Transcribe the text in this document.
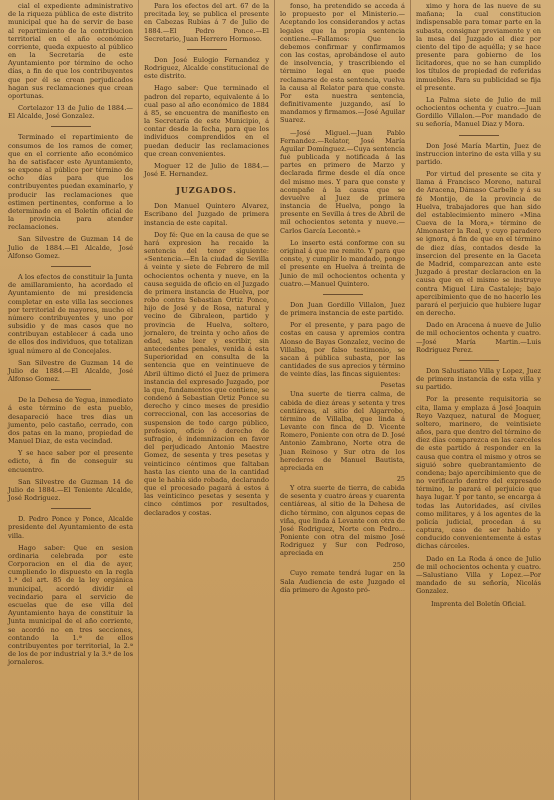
cial el expediente administrativo de la riqueza pública de este distrito municipal que ha de servir de base al repartimiento de la contribucion territorial en el año económico corriente, queda expuesto al público en la Secretaría de este Ayuntamiento por término de ocho días, a fin de que los contribuyentes que por él se crean perjudicados hagan sus reclamaciones que crean oportunas.

Cortelazor 13 de Julio de 1884.—El Alcalde, José Gonzalez.

Terminado el repartimiento de consumos de los ramos de comer, que en el corriente año económico ha de satisfacer este Ayuntamiento, se expone al público por término de ocho días para que los contribuyentes puedan examinarlo, y producir las reclamaciones que estimen pertinentes, conforme a lo determinado en el Boletín oficial de la provincia para atender reclamaciones.

San Silvestre de Guzman 14 de Julio de 1884.—El Alcalde, José Alfonso Gomez.

A los efectos de constituir la Junta de amillaramiento, ha acordado el Ayuntamiento de mi presidencia completar en este villa las secciones por territorial de mayores, mucho el número contribuyentes y uno por subsidio y de mas casos que no contribuyan establecer á cada uno de ellos dos individuos, que totalizan igual número al de Concejales.

San Silvestre de Guzman 14 de Julio de 1884.—El Alcalde, José Alfonso Gomez.

De la Dehesa de Yegua, inmediato á este término de esta pueblo, desapareció hace tres dias un jumento, pelo castaño, cerrado, con dos patas en la mano, propiedad de Manuel Diaz, de esta vecindad.

Y se hace saber por el presente edicto, á fin de conseguir su encuentro.

San Silvestre de Guzman 14 de Julio de 1884.—El Teniente Alcalde, José Rodriguez.

D. Pedro Ponce y Ponce, Alcalde presidente del Ayuntamiento de esta villa.

Hago saber: Que en sesion ordinaria celebrada por este Corporacion en el dia de ayer, cumpliendo lo dispuesto en la regla 1.ª del art. 85 de la ley orgánica municipal, acordó dividir el vecindario para el servicio de escuelas que de ese villa del Ayuntamiento haya de constituir la Junta municipal de el año corriente, se acordó no en tres secciones, contando la 1.ª de ellos contribuyentes por territorial, la 2.ª de los de por industrial y la 3.ª de los jornaleros.

Para los efectos del art. 67 de la precitada ley, se publica el presente en Cabezas Rubias á 7 de Julio de 1884.—El Pedro Ponce.—El Secretario, Juan Herrero Hormoso.

Don José Eulogio Fernandez y Rodriguez, Alcalde constitucional de este distrito.

Hago saber: Que terminado el padron del reparto, equivalente á lo cual paso al año económico de 1884 á 85, se encuentra de manifiesto en la Secretaría de este Municipio, á contar desde la fecha, para que los individuos comprendidos en el puedan deducir las reclamaciones que crean convenientes.

Moguer 12 de Julio de 1884.—José E. Hernandez.

JUZGADOS.

Don Manuel Quintero Alvarez, Escribano del Juzgado de primera instancia de este capital.

Doy fé: Que en la causa de que se hará expresion ha recaido la sentencia del tenor siguiente: «Sentencia.—En la ciudad de Sevilla á veinte y siete de Febrero de mil ochocientos ochenta y nueve, en la causa seguida de oficio en el Juzgado de primera instancia de Huelva, por robo contra Sebastian Ortiz Ponce, hijo de José y de Rosa, natural y vecino de Gibraleon, partido y provincia de Huelva, soltero, jornalero, de treinta y ocho años de edad, sabe leer y escribir, sin antecedentes penales, venida á esta Superioridad en consulta de la sentencia que en veintinueve de Abril último dictó el Juez de primera instancia del expresado Juzgado, por la que, fundamentos que contiene, se condenó á Sebastian Ortiz Ponce su derecho y cinco meses de presidio correccional, con las accesorias de suspension de todo cargo público, profesion, oficio ó derecho de sufragio, é indemnizacion en favor del perjudicado Antonio Maestre Gomez, de sesenta y tres pesetas y veinticinco céntimos que faltaban hasta las ciento una de la cantidad que le había sido robada, declarando que el procesado pagará á estos á las veinticinco pesetas y sesenta y cinco céntimos por resultados, declarados y costas.

fonso, ha pretendido se acceda á lo propuesto por el Ministerio.—Aceptando los considerandos y actas legales que la propia sentencia contiene.—Fallamos: Que lo debemos confirmar y confirmamos con las costas, aprobándose el auto de insolvencia, y trascribiendo el término legal en que puede reclamarse de esta sentencia, vuelva la causa al Relator para que conste. Por esta nuestra sentencia, definitivamente juzgando, así lo mandamos y firmamos.—José Aguilar Suarez.

—José Miguel.—Juan Pablo Fernandez.—Relator, José María Aguilar Domínguez.—Cuya sentencia fué publicada y notificada á las partes en primero de Marzo y declarada firme desde el día once del mismo mes. Y para que conste y acompañe á la causa que se devuelve al Juez de primera instancia de Huelva, pongo la presente en Sevilla á tres de Abril de mil ochocientos setenta y nueve.—Carlos García Lecontè.»

Lo inserto está conforme con su original á que me remito. Y para que conste, y cumplir lo mandado, pongo el presente en Huelva á treinta de Junio de mil ochocientos ochenta y cuatro.—Manuel Quintero.

Don Juan Gordillo Villalon, Juez de primera instancia de este partido.

Por el presente, y para pago de costas en causa y apremios contra Alonso de Bayas Gonzalez, vecino de Villalba, por falso testimonio, se sacan á pública subasta, por las cantidades de sus aprecios y término de veinte días, las fincas siguientes:

	Pesetas

Una suerte de tierra calma, de cabida de diez áreas y setenta y tres centiáreas, al sitio del Algarrobo, término de Villalba, que linda á Levante con finca de D. Vicente Romero, Poniente con otra de D. José Antonio Zambrano, Norte otra de Juan Reinoso y Sur otra de los herederos de Manuel Bautista, apreciada en

	25

Y otra suerte de tierra, de cabida de sesenta y cuatro áreas y cuarenta centiáreas, al sitio de la Dehesa de dicho término, con algunos cepas de viña, que linda á Levante con otra de José Rodriguez, Norte con Pedro... Poniente con otra del mismo José Rodriguez y Sur con Pedroso, apreciada en

	250

Cuyo remate tendrá lugar en la Sala Audiencia de este Juzgado el día primero de Agosto pró-

ximo y hora de las nueve de su mañana; la cual constitucion indispensable para tomar parte en la subasta, consignar previamente y en la mesa del Juzgado el diez por ciento del tipo de aquélla; y se hace presente para gobierno de los licitadores, que no se han cumplido los títulos de propiedad de referidas inmuebles. Para su publicidad se fija el presente.

La Palma siete de Julio de mil ochocientos ochenta y cuatro.—Juan Gordillo Villalon.—Por mandado de su señoría, Manuel Diaz y Mora.

Don José María Martin, Juez de instruccion interino de esta villa y su partido.

Por virtud del presente se cita y llama á Francisco Moreno, natural de Aracena, Dámaso Carbelle y á su fé Montijo, de la provincia de Huelva, trabajadores que han sido del establecimiento minero «Mina Cueva de la Mora,» término de Almonaster la Real, y cuyo paradero se ignora, á fin de que en el término de diez días, contados desde la insercion del presente en la Gaceta de Madrid, comparezcan ante este Juzgado á prestar declaracion en la causa que en el mismo se instruye contra Miguel Lira Castaleje; bajo apercibimiento que de no hacerlo les parará el perjuicio que hubiere lugar en derecho.

Dado en Aracena á nueve de Julio de mil ochocientos ochenta y cuatro.—José María Martin.—Luis Rodriguez Perez.

Don Salustiano Villa y Lopez, Juez de primera instancia de esta villa y su partido.

Por la presente requisitoria se cita, llama y emplaza á José Joaquin Reyo Vazquez, natural de Moguer, soltero, marinero, de veintisiete años, para que dentro del término de diez días comparezca en las carceles de este partido á responder en la causa que contra el mismo y otros se siguió sobre quebrantamiento de condena; bajo apercibimiento que de no verificarlo dentro del expresado término, le parará el perjuicio que haya lugar. Y por tanto, se encarga á todas las Autoridades, así civiles como militares, y á los agentes de la policía judicial, procedan á su captura, caso de ser habido y conducido convenientemente á estas dichas cárceles.

Dado en La Roda á once de Julio de mil ochocientos ochenta y cuatro.—Salustiano Villa y Lopez.—Por mandado de su señoría, Nicolás Gonzalez.

Imprenta del Boletín Oficial.
